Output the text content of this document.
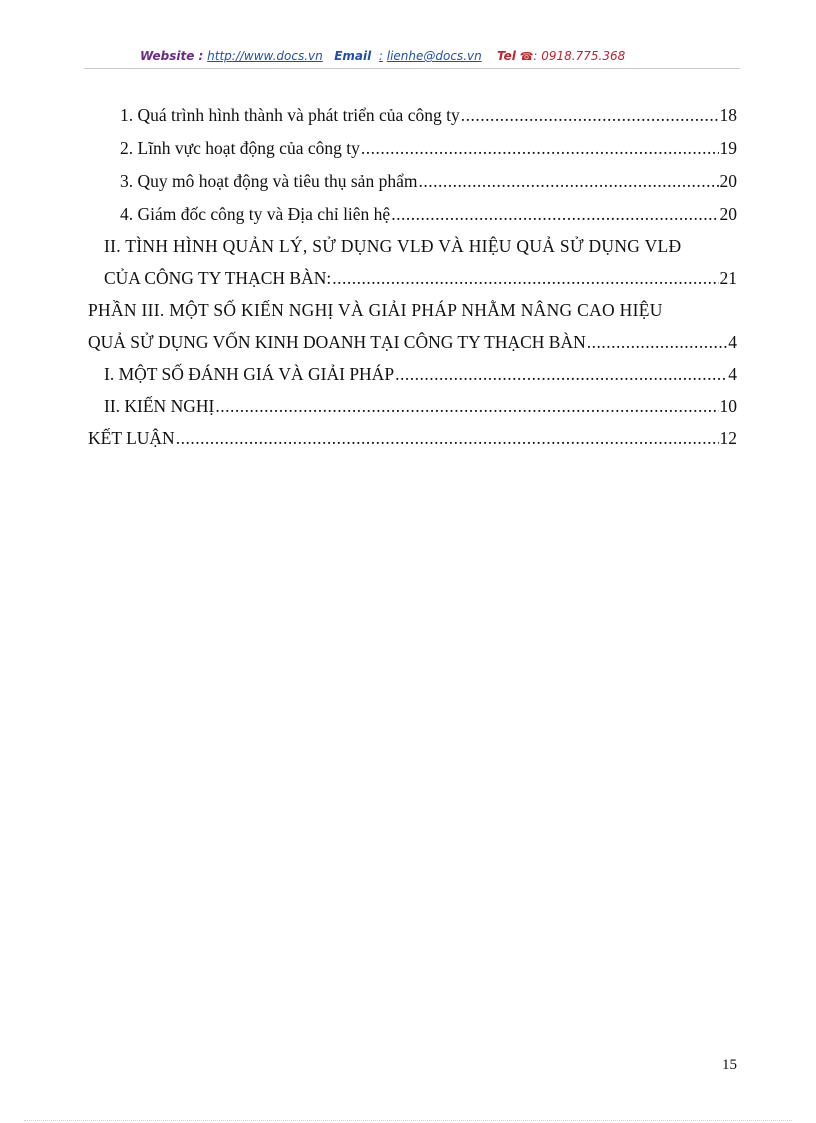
Website : http://www.docs.vn Email : lienhe@docs.vn Tel ☎: 0918.775.368
1. Quá trình hình thành và phát triển của công ty .....	18
2. Lĩnh vực hoạt động của công ty .....	19
3. Quy mô hoạt động và tiêu thụ sản phẩm .....	20
4. Giám đốc công ty và Địa chỉ liên hệ .....	20
II. TÌNH HÌNH QUẢN LÝ, SỬ DỤNG VLĐ VÀ HIỆU QUẢ SỬ DỤNG VLĐ
CỦA CÔNG TY THẠCH BÀN: .....	21
PHẦN III. MỘT SỐ KIẾN NGHỊ VÀ GIẢI PHÁP NHẰM NÂNG CAO HIỆU
QUẢ SỬ DỤNG VỐN KINH DOANH TẠI CÔNG TY THẠCH BÀN .....	4
I. MỘT SỐ ĐÁNH GIÁ VÀ GIẢI PHÁP .....	4
II. KIẾN NGHỊ .....	10
KẾT LUẬN .....	12
15
